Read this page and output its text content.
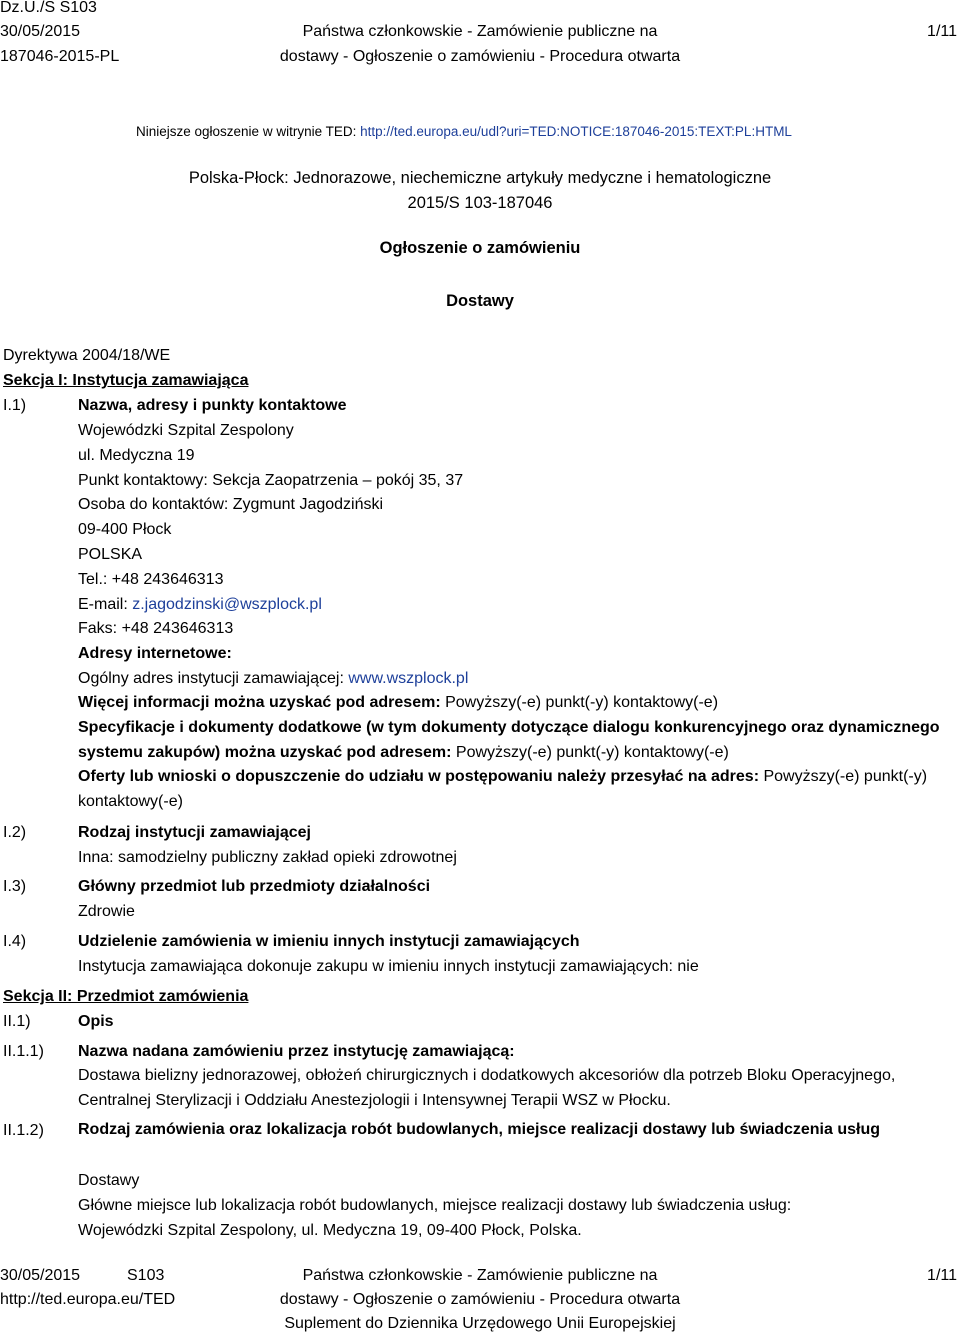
Dz.U./S S103
30/05/2015
187046-2015-PL
Państwa członkowskie - Zamówienie publiczne na
dostawy - Ogłoszenie o zamówieniu - Procedura otwarta
1/11
Niniejsze ogłoszenie w witrynie TED: http://ted.europa.eu/udl?uri=TED:NOTICE:187046-2015:TEXT:PL:HTML
Polska-Płock: Jednorazowe, niechemiczne artykuły medyczne i hematologiczne
2015/S 103-187046
Ogłoszenie o zamówieniu
Dostawy
Dyrektywa 2004/18/WE
Sekcja I: Instytucja zamawiająca
I.1)	Nazwa, adresy i punkty kontaktowe
Wojewódzki Szpital Zespolony
ul. Medyczna 19
Punkt kontaktowy: Sekcja Zaopatrzenia – pokój 35, 37
Osoba do kontaktów: Zygmunt Jagodziński
09-400 Płock
POLSKA
Tel.: +48 243646313
E-mail: z.jagodzinski@wszplock.pl
Faks: +48 243646313
Adresy internetowe:
Ogólny adres instytucji zamawiającej: www.wszplock.pl
Więcej informacji można uzyskać pod adresem: Powyższy(-e) punkt(-y) kontaktowy(-e)
Specyfikacje i dokumenty dodatkowe (w tym dokumenty dotyczące dialogu konkurencyjnego oraz dynamicznego systemu zakupów) można uzyskać pod adresem: Powyższy(-e) punkt(-y) kontaktowy(-e)
Oferty lub wnioski o dopuszczenie do udziału w postępowaniu należy przesyłać na adres: Powyższy(-e) punkt(-y) kontaktowy(-e)
I.2)	Rodzaj instytucji zamawiającej
Inna: samodzielny publiczny zakład opieki zdrowotnej
I.3)	Główny przedmiot lub przedmioty działalności
Zdrowie
I.4)	Udzielenie zamówienia w imieniu innych instytucji zamawiających
Instytucja zamawiająca dokonuje zakupu w imieniu innych instytucji zamawiających: nie
Sekcja II: Przedmiot zamówienia
II.1)	Opis
II.1.1) Nazwa nadana zamówieniu przez instytucję zamawiającą:
Dostawa bielizny jednorazowej, obłożeń chirurgicznych i dodatkowych akcesoriów dla potrzeb Bloku Operacyjnego, Centralnej Sterylizacji i Oddziału Anestezjologii i Intensywnej Terapii WSZ w Płocku.
II.1.2) Rodzaj zamówienia oraz lokalizacja robót budowlanych, miejsce realizacji dostawy lub świadczenia usług
Dostawy
Główne miejsce lub lokalizacja robót budowlanych, miejsce realizacji dostawy lub świadczenia usług:
Wojewódzki Szpital Zespolony, ul. Medyczna 19, 09-400 Płock, Polska.
30/05/2015	S103
http://ted.europa.eu/TED
Państwa członkowskie - Zamówienie publiczne na
dostawy - Ogłoszenie o zamówieniu - Procedura otwarta
Suplement do Dziennika Urzędowego Unii Europejskiej
1/11
